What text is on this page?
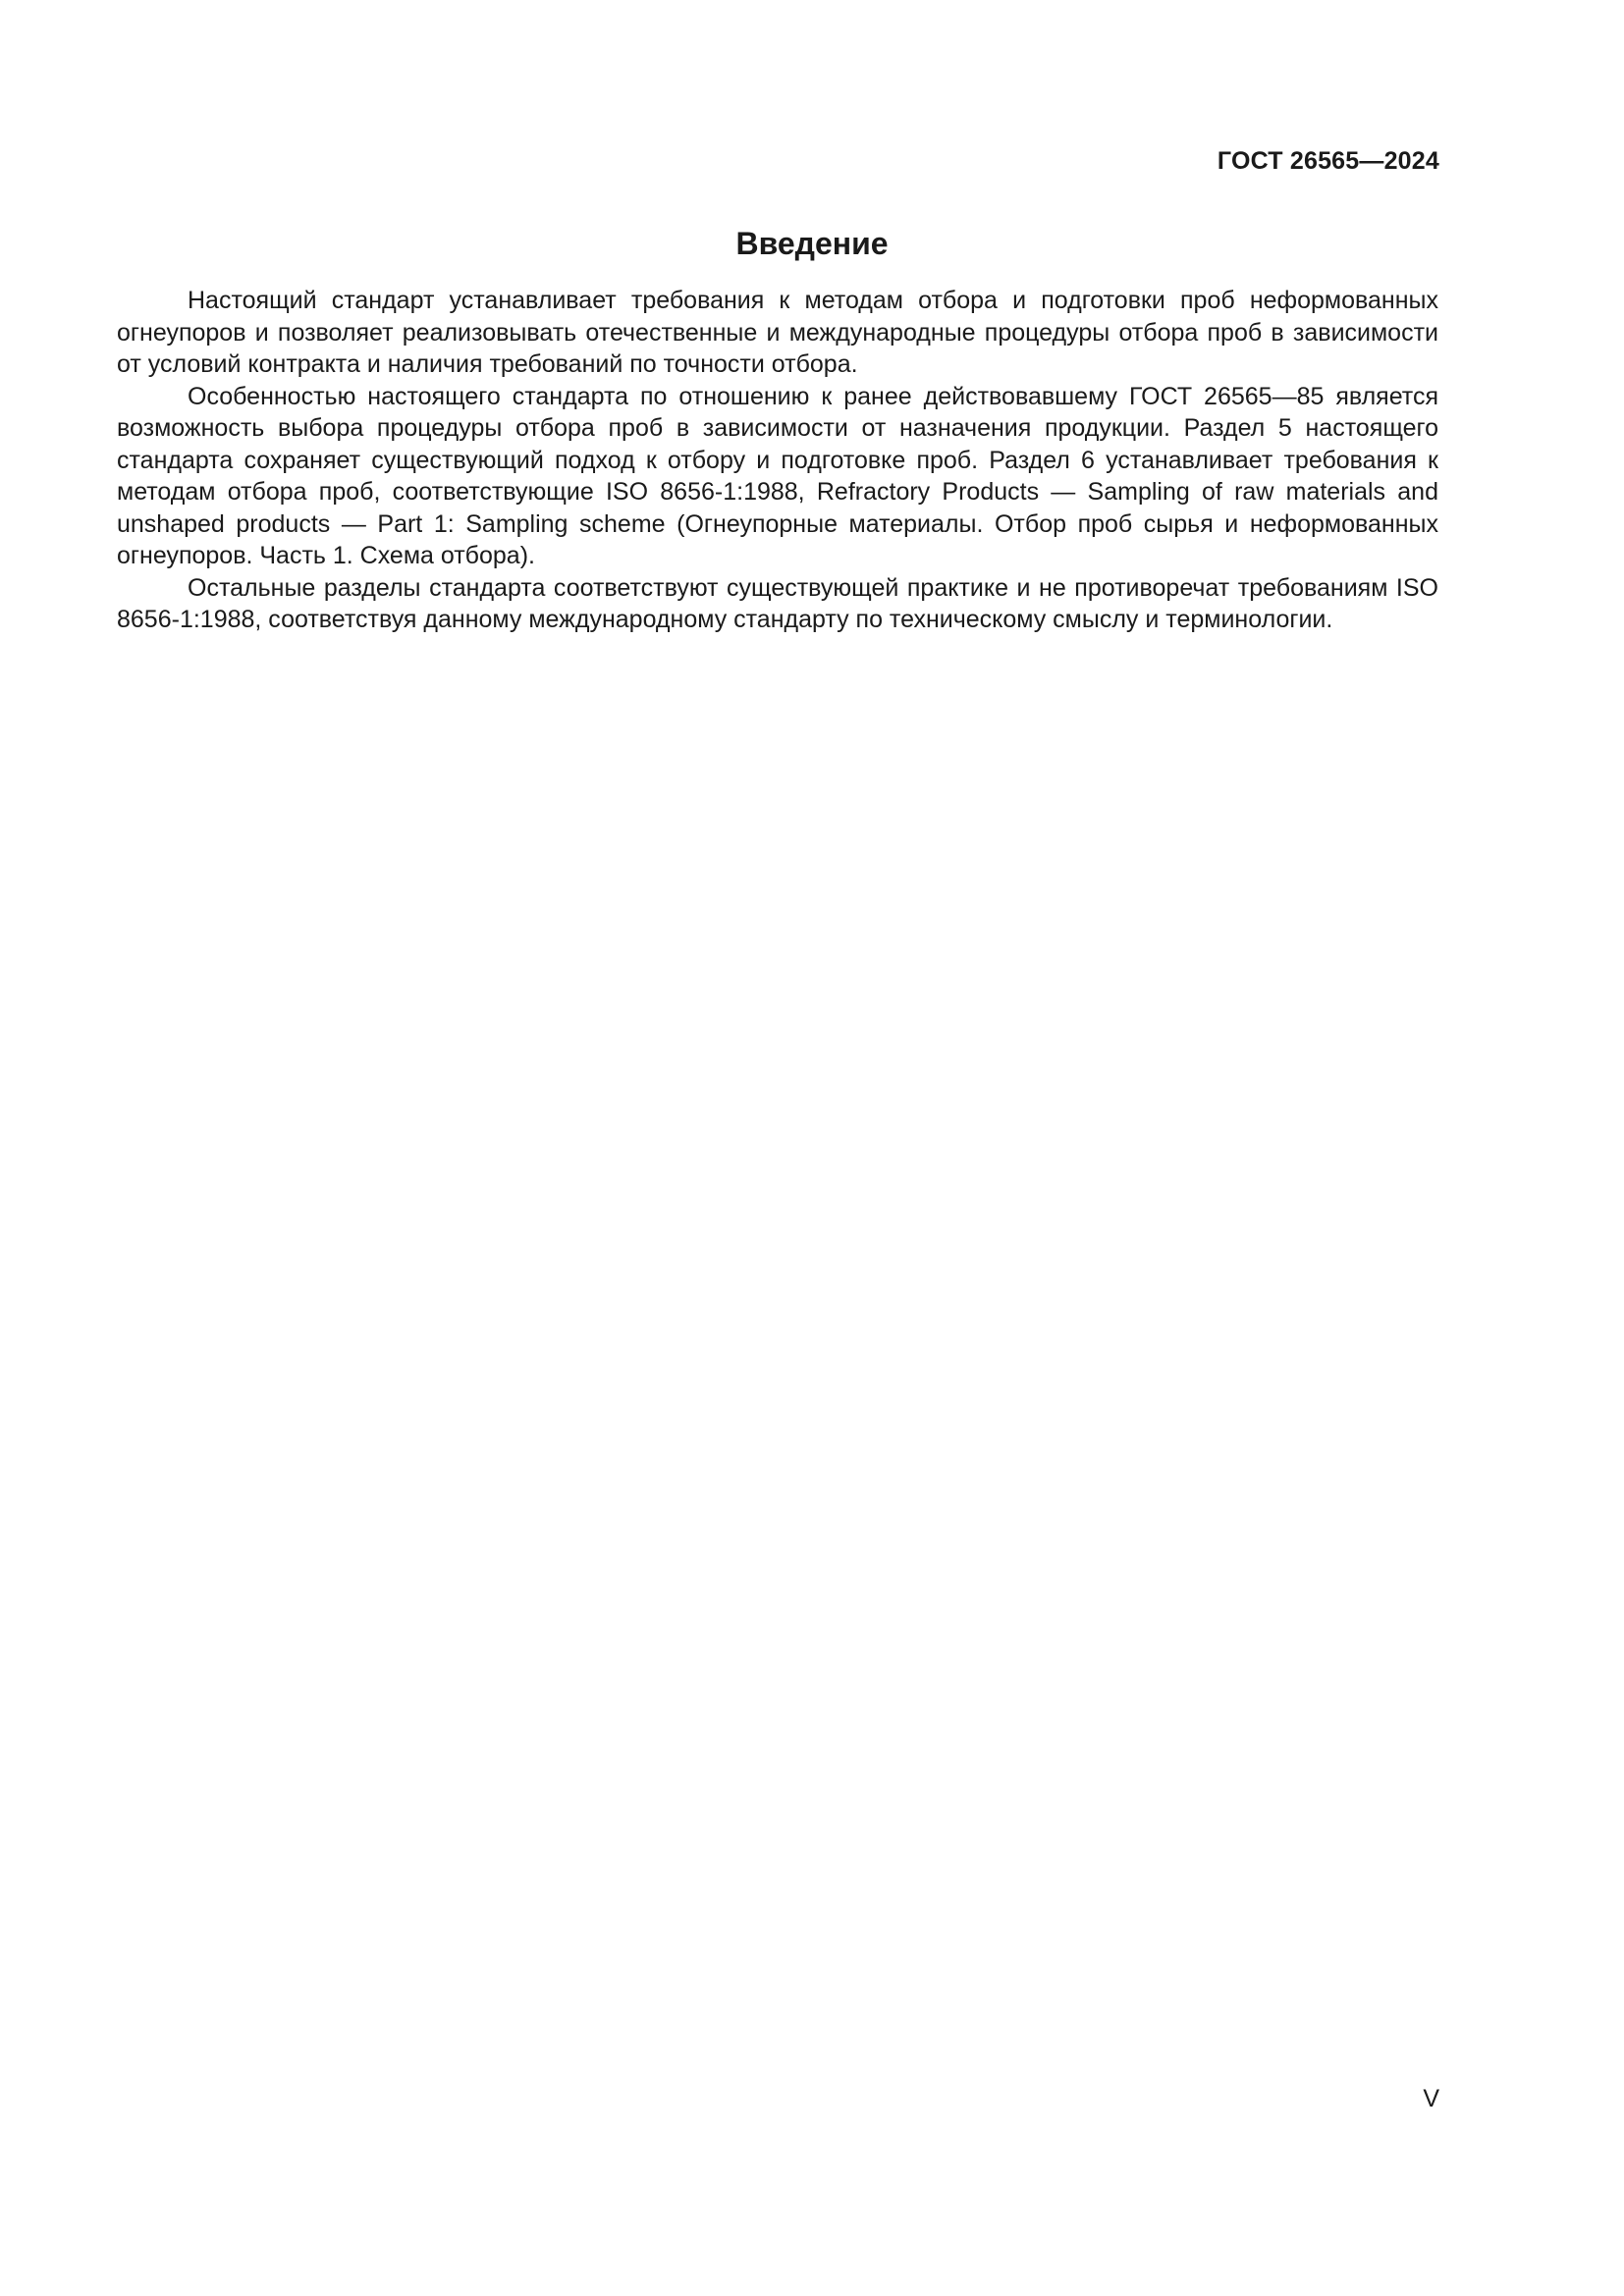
ГОСТ 26565—2024
Введение

Настоящий стандарт устанавливает требования к методам отбора и подготовки проб неформованных огнеупоров и позволяет реализовывать отечественные и международные процедуры отбора проб в зависимости от условий контракта и наличия требований по точности отбора.

Особенностью настоящего стандарта по отношению к ранее действовавшему ГОСТ 26565—85 является возможность выбора процедуры отбора проб в зависимости от назначения продукции. Раздел 5 настоящего стандарта сохраняет существующий подход к отбору и подготовке проб. Раздел 6 устанавливает требования к методам отбора проб, соответствующие ISO 8656-1:1988, Refractory Products — Sampling of raw materials and unshaped products — Part 1: Sampling scheme (Огнеупорные материалы. Отбор проб сырья и неформованных огнеупоров. Часть 1. Схема отбора).

Остальные разделы стандарта соответствуют существующей практике и не противоречат требованиям ISO 8656-1:1988, соответствуя данному международному стандарту по техническому смыслу и терминологии.

V
